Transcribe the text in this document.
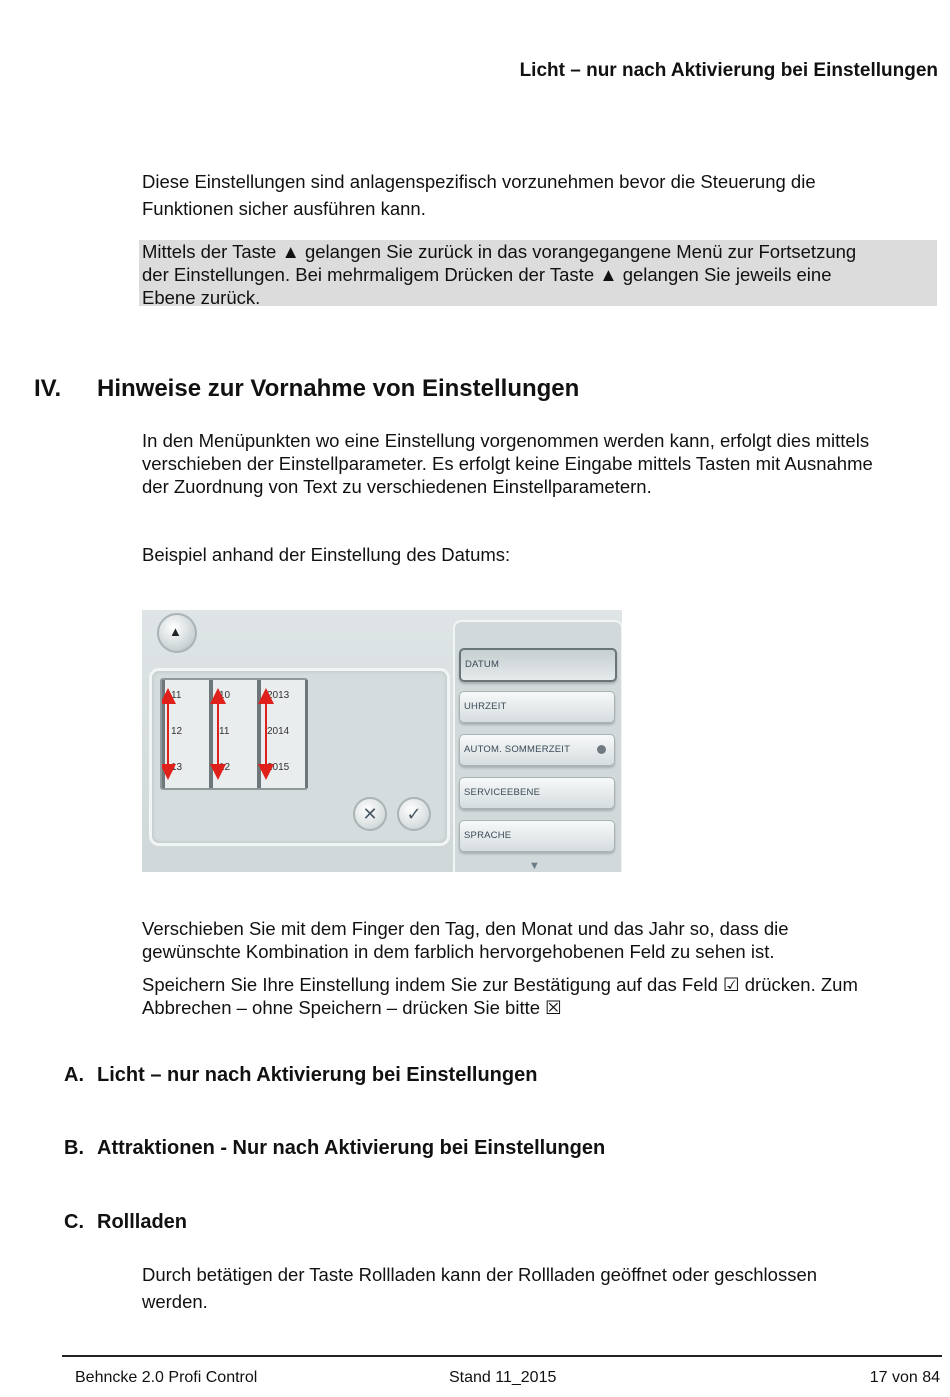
Licht – nur nach Aktivierung bei Einstellungen
Diese Einstellungen sind anlagenspezifisch vorzunehmen bevor die Steuerung die
Funktionen sicher ausführen kann.
Mittels der Taste ▲ gelangen Sie zurück in das vorangegangene Menü zur Fortsetzung
der Einstellungen. Bei mehrmaligem Drücken der Taste ▲ gelangen Sie jeweils eine
Ebene zurück.
IV. Hinweise zur Vornahme von Einstellungen
In den Menüpunkten wo eine Einstellung vorgenommen werden kann, erfolgt dies mittels
verschieben der Einstellparameter. Es erfolgt keine Eingabe mittels Tasten mit Ausnahme
der Zuordnung von Text zu verschiedenen Einstellparametern.
Beispiel anhand der Einstellung des Datums:
▲
11
12
13
10
11
12
2013
2014
2015
✕	✓
DATUM
UHRZEIT
AUTOM. SOMMERZEIT
SERVICEEBENE
SPRACHE
▼
Verschieben Sie mit dem Finger den Tag, den Monat und das Jahr so, dass die
gewünschte Kombination in dem farblich hervorgehobenen Feld zu sehen ist.
Speichern Sie Ihre Einstellung indem Sie zur Bestätigung auf das Feld ☑ drücken. Zum
Abbrechen – ohne Speichern – drücken Sie bitte ☒
A. Licht – nur nach Aktivierung bei Einstellungen
B. Attraktionen - Nur nach Aktivierung bei Einstellungen
C. Rollladen
Durch betätigen der Taste Rollladen kann der Rollladen geöffnet oder geschlossen
werden.
Behncke 2.0 Profi Control	Stand 11_2015	17 von 84
